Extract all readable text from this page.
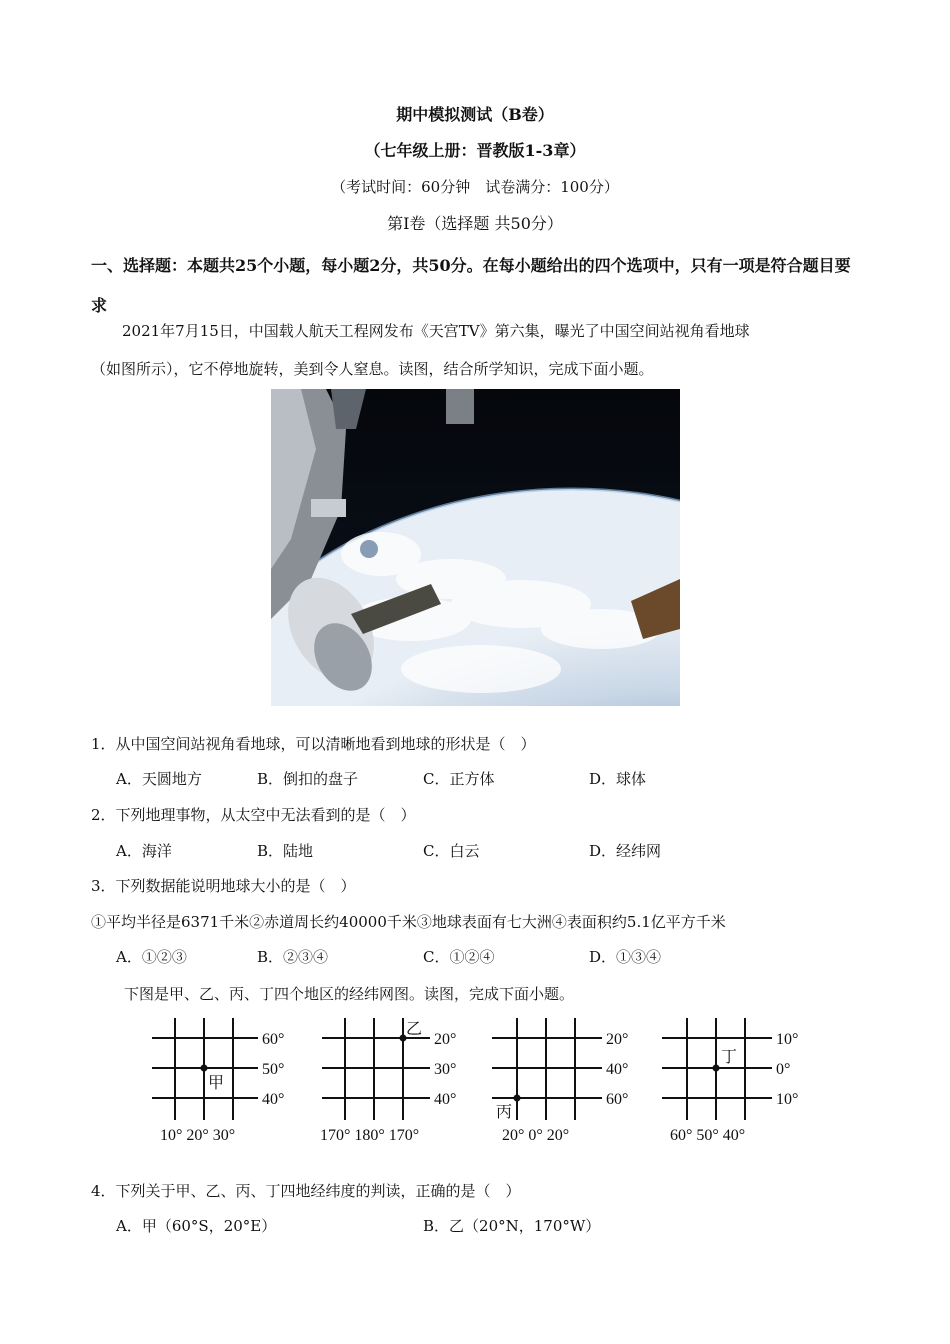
期中模拟测试（B卷）
（七年级上册：晋教版1-3章）
（考试时间：60分钟　试卷满分：100分）
第Ⅰ卷（选择题 共50分）
一、选择题：本题共25个小题，每小题2分，共50分。在每小题给出的四个选项中，只有一项是符合题目要求
2021年7月15日，中国载人航天工程网发布《天宫TV》第六集，曝光了中国空间站视角看地球
（如图所示），它不停地旋转，美到令人窒息。读图，结合所学知识，完成下面小题。
1．从中国空间站视角看地球，可以清晰地看到地球的形状是（　）
A．天圆地方	B．倒扣的盘子	C．正方体	D．球体
2．下列地理事物，从太空中无法看到的是（　）
A．海洋	B．陆地	C．白云	D．经纬网
3．下列数据能说明地球大小的是（　）
①平均半径是6371千米②赤道周长约40000千米③地球表面有七大洲④表面积约5.1亿平方千米
A．①②③	B．②③④	C．①②④	D．①③④
下图是甲、乙、丙、丁四个地区的经纬网图。读图，完成下面小题。
甲
60°
50°
40°
10° 20° 30°
乙
20°
30°
40°
170° 180° 170°
丙
20°
40°
60°
20° 0° 20°
丁
10°
0°
10°
60° 50° 40°
4．下列关于甲、乙、丙、丁四地经纬度的判读，正确的是（　）
A．甲（60°S，20°E）	B．乙（20°N，170°W）
